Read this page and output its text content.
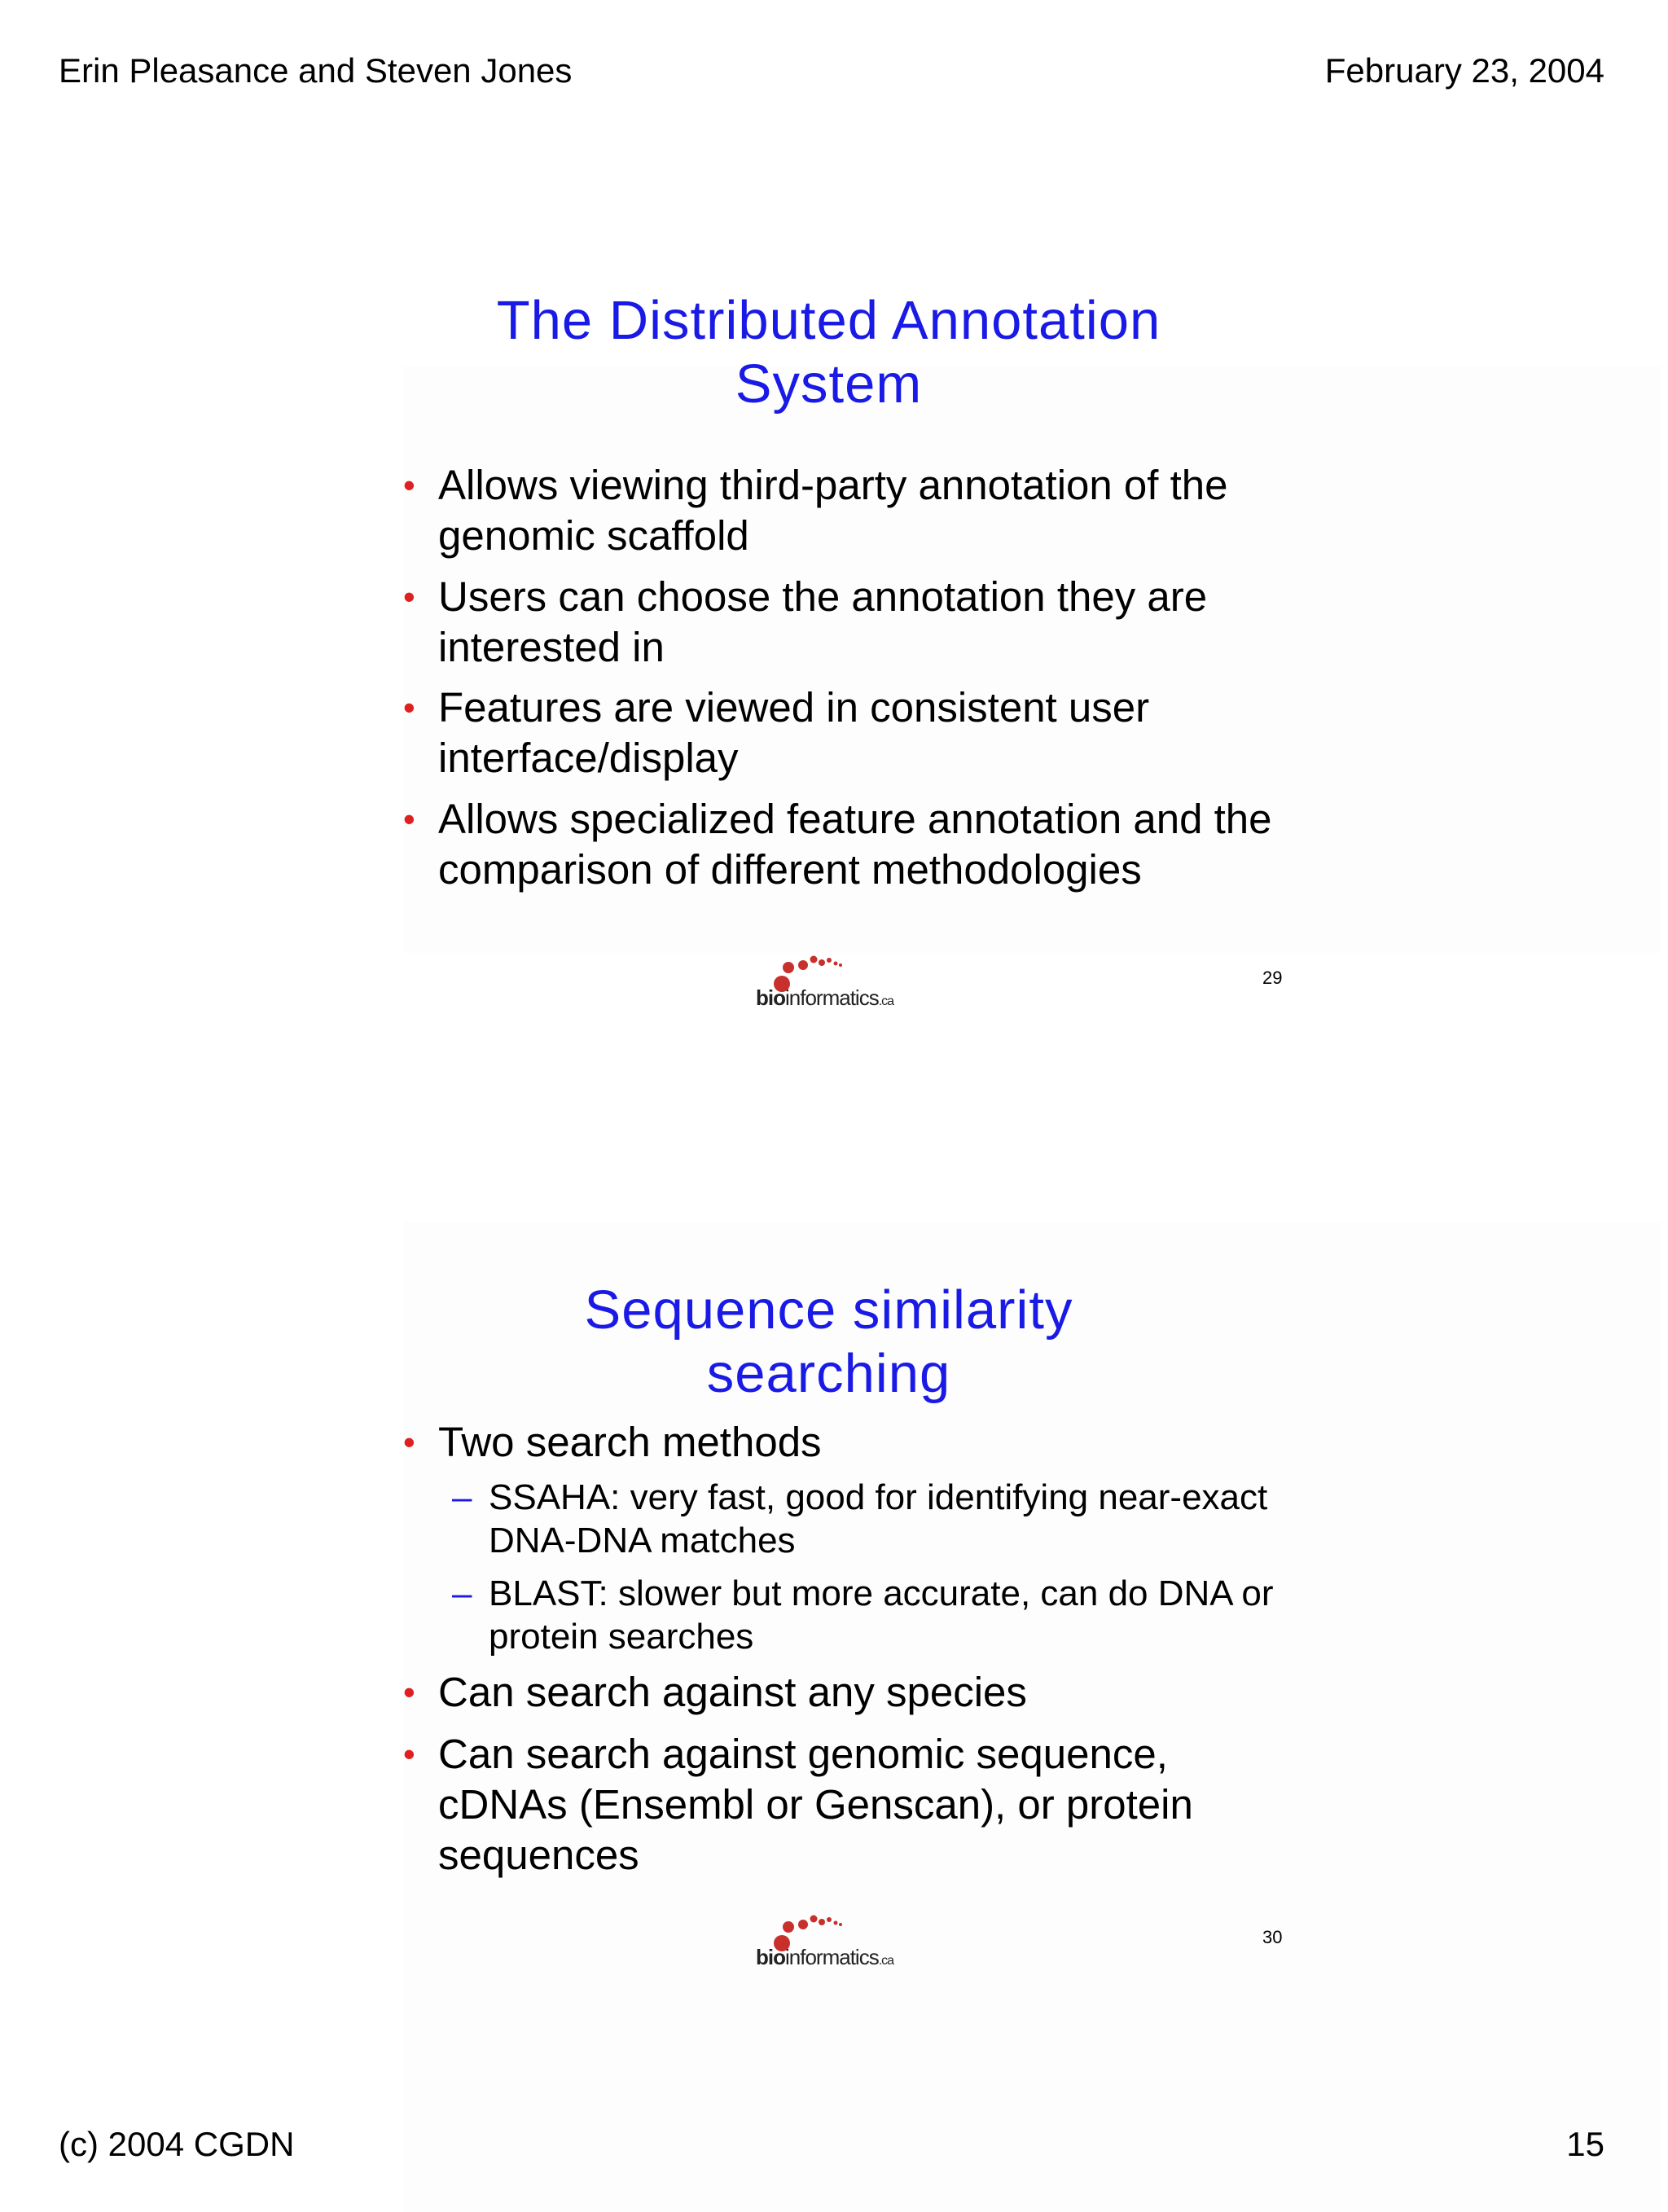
Erin Pleasance and Steven Jones	February 23, 2004
The Distributed Annotation
System
• Allows viewing third-party annotation of the
genomic scaffold
• Users can choose the annotation they are
interested in
• Features are viewed in consistent user
interface/display
• Allows specialized feature annotation and the
comparison of different methodologies
bioinformatics.ca
29
Sequence similarity searching
• Two search methods
– SSAHA: very fast, good for identifying near-exact
DNA-DNA matches
– BLAST: slower but more accurate, can do DNA or
protein searches
• Can search against any species
• Can search against genomic sequence,
cDNAs (Ensembl or Genscan), or protein
sequences
bioinformatics.ca
30
(c) 2004 CGDN	15
